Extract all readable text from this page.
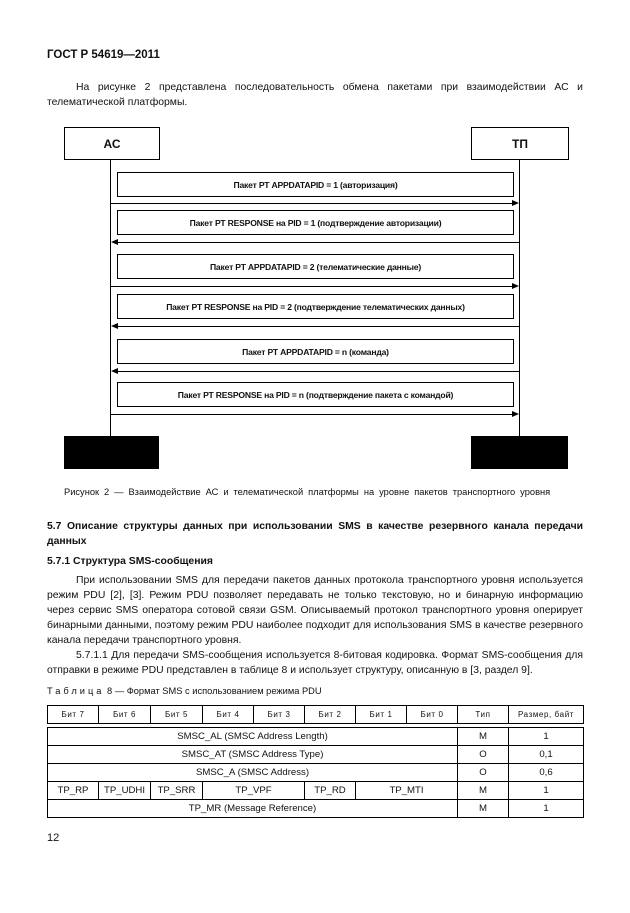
ГОСТ Р 54619—2011

На рисунке 2 представлена последовательность обмена пакетами при взаимодействии АС и телематической платформы.

АС	ТП
Пакет РТ APPDATAPID = 1 (авторизация)
Пакет РТ RESPONSE на PID = 1 (подтверждение авторизации)
Пакет РТ APPDATAPID = 2 (телематические данные)
Пакет РТ RESPONSE на PID = 2 (подтверждение телематических данных)
Пакет РТ APPDATAPID = n (команда)
Пакет РТ RESPONSE на PID = n (подтверждение пакета с командой)
Рисунок 2 — Взаимодействие АС и телематической платформы на уровне пакетов транспортного уровня
5.7 Описание структуры данных при использовании SMS в качестве резервного канала передачи данных
5.7.1 Структура SMS-сообщения

При использовании SMS для передачи пакетов данных протокола транспортного уровня используется режим PDU [2], [3]. Режим PDU позволяет передавать не только текстовую, но и бинарную информацию через сервис SMS оператора сотовой связи GSM. Описываемый протокол транспортного уровня оперирует бинарными данными, поэтому режим PDU наиболее подходит для использования SMS в качестве резервного канала передачи транспортного уровня.

5.7.1.1 Для передачи SMS-сообщения используется 8-битовая кодировка. Формат SMS-сообщения для отправки в режиме PDU представлен в таблице 8 и использует структуру, описанную в [3, раздел 9].

Таблица 8 — Формат SMS с использованием режима PDU
Бит 7	Бит 6	Бит 5	Бит 4	Бит 3	Бит 2	Бит 1	Бит 0	Тип	Размер, байт

SMSC_AL (SMSC Address Length)								M	1
SMSC_AT (SMSC Address Type)								O	0,1
SMSC_A (SMSC Address)								O	0,6
TP_RP	TP_UDHI	TP_SRR	TP_VPF		TP_RD	TP_MTI		M	1
TP_MR (Message Reference)								M	1
12
